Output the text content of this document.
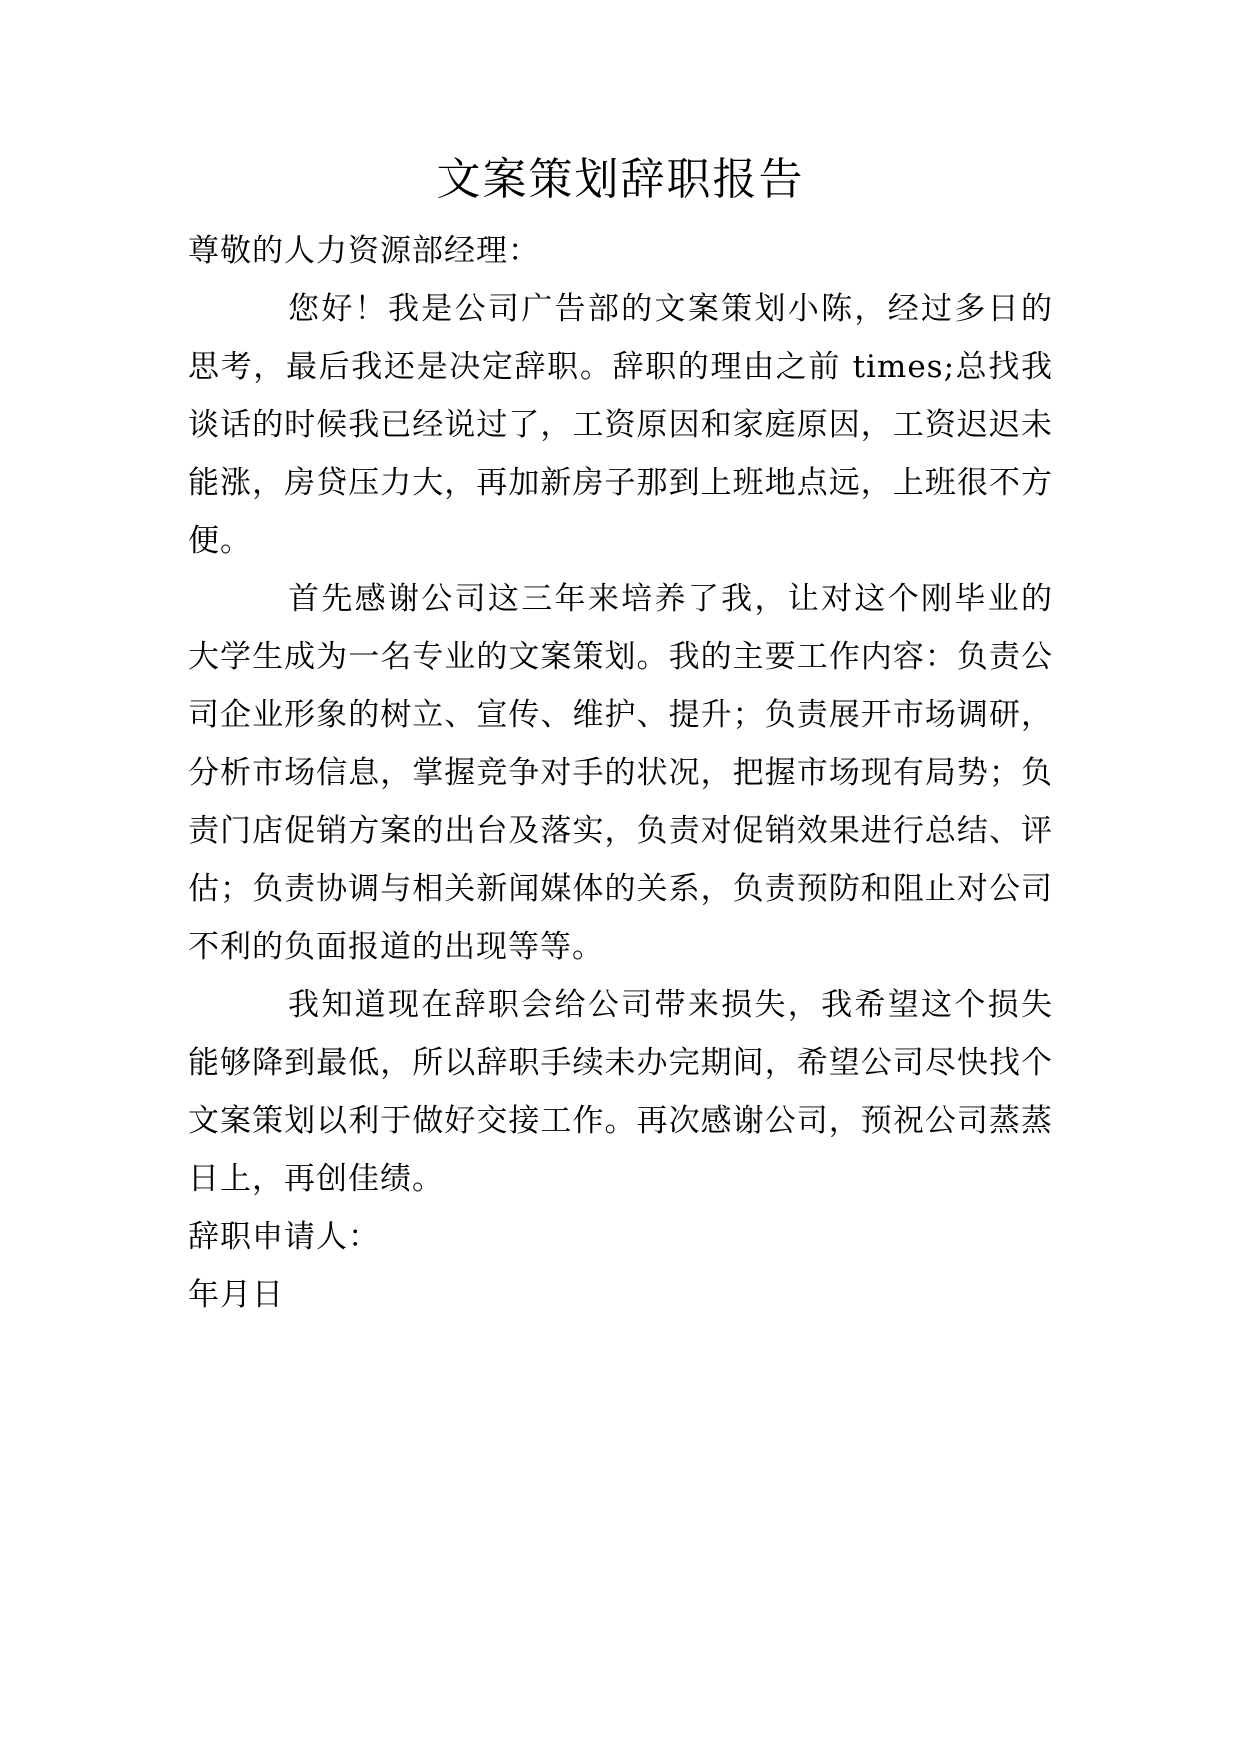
文案策划辞职报告

尊敬的人力资源部经理：

您好！我是公司广告部的文案策划小陈，经过多日的思考，最后我还是决定辞职。辞职的理由之前 times;总找我谈话的时候我已经说过了，工资原因和家庭原因，工资迟迟未能涨，房贷压力大，再加新房子那到上班地点远，上班很不方便。

首先感谢公司这三年来培养了我，让对这个刚毕业的大学生成为一名专业的文案策划。我的主要工作内容：负责公司企业形象的树立、宣传、维护、提升；负责展开市场调研，分析市场信息，掌握竞争对手的状况，把握市场现有局势；负责门店促销方案的出台及落实，负责对促销效果进行总结、评估；负责协调与相关新闻媒体的关系，负责预防和阻止对公司不利的负面报道的出现等等。

我知道现在辞职会给公司带来损失，我希望这个损失能够降到最低，所以辞职手续未办完期间，希望公司尽快找个文案策划以利于做好交接工作。再次感谢公司，预祝公司蒸蒸日上，再创佳绩。

辞职申请人：

年月日
